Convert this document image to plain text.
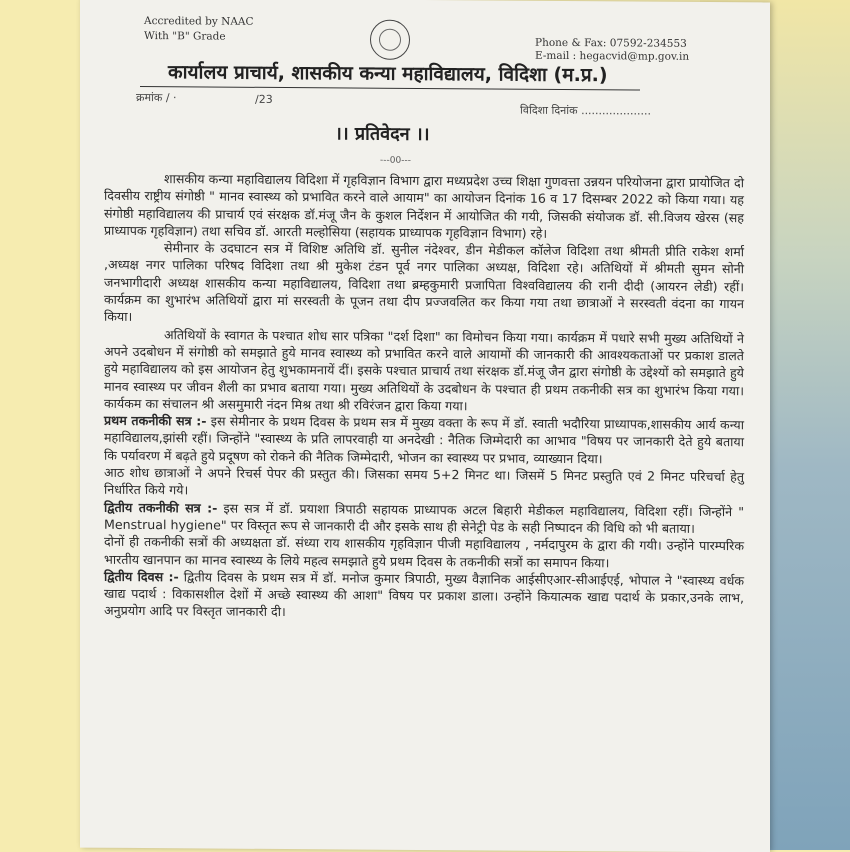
Accredited by NAAC
With "B" Grade
Phone & Fax: 07592-234553
E-mail : hegacvid@mp.gov.in
कार्यालय प्राचार्य, शासकीय कन्या महाविद्यालय, विदिशा (म.प्र.)
क्रमांक / ·	/23
विदिशा दिनांक ....................
।। प्रतिवेदन ।।
---00---

शासकीय कन्या महाविद्यालय विदिशा में गृहविज्ञान विभाग द्वारा मध्यप्रदेश उच्च शिक्षा गुणवत्ता उन्नयन परियोजना द्वारा प्रायोजित दो दिवसीय राष्ट्रीय संगोष्ठी " मानव स्वास्थ्य को प्रभावित करने वाले आयाम" का आयोजन दिनांक 16 व 17 दिसम्बर 2022 को किया गया। यह संगोष्ठी महाविद्यालय की प्राचार्य एवं संरक्षक डॉ.मंजू जैन के कुशल निर्देशन में आयोजित की गयी, जिसकी संयोजक डॉ. सी.विजय खेरस (सह प्राध्यापक गृहविज्ञान) तथा सचिव डॉ. आरती मल्होसिया (सहायक प्राध्यापक गृहविज्ञान विभाग) रहे।

सेमीनार के उदघाटन सत्र में विशिष्ट अतिथि डॉ. सुनील नंदेश्वर, डीन मेडीकल कॉलेज विदिशा तथा श्रीमती प्रीति राकेश शर्मा ,अध्यक्ष नगर पालिका परिषद विदिशा तथा श्री मुकेश टंडन पूर्व नगर पालिका अध्यक्ष, विदिशा रहे। अतिथियों में श्रीमती सुमन सोनी जनभागीदारी अध्यक्ष शासकीय कन्या महाविद्यालय, विदिशा तथा ब्रम्हकुमारी प्रजापिता विश्वविद्यालय की रानी दीदी (आयरन लेडी) रहीं। कार्यक्रम का शुभारंभ अतिथियों द्वारा मां सरस्वती के पूजन तथा दीप प्रज्जवलित कर किया गया तथा छात्राओं ने सरस्वती वंदना का गायन किया।

अतिथियों के स्वागत के पश्चात शोध सार पत्रिका "दर्श दिशा" का विमोचन किया गया। कार्यक्रम में पधारे सभी मुख्य अतिथियों ने अपने उदबोधन में संगोष्ठी को समझाते हुये मानव स्वास्थ्य को प्रभावित करने वाले आयामों की जानकारी की आवश्यकताओं पर प्रकाश डालते हुये महाविद्यालय को इस आयोजन हेतु शुभकामनायें दीं। इसके पश्चात प्राचार्य तथा संरक्षक डॉ.मंजू जैन द्वारा संगोष्ठी के उद्देश्यों को समझाते हुये मानव स्वास्थ्य पर जीवन शैली का प्रभाव बताया गया। मुख्य अतिथियों के उदबोधन के पश्चात ही प्रथम तकनीकी सत्र का शुभारंभ किया गया। कार्यकम का संचालन श्री असमुमारी नंदन मिश्र तथा श्री रविरंजन द्वारा किया गया।

प्रथम तकनीकी सत्र :- इस सेमीनार के प्रथम दिवस के प्रथम सत्र में मुख्य वक्ता के रूप में डॉ. स्वाती भदौरिया प्राध्यापक,शासकीय आर्य कन्या महाविद्यालय,झांसी रहीं। जिन्होंने "स्वास्थ्य के प्रति लापरवाही या अनदेखी : नैतिक जिम्मेदारी का आभाव "विषय पर जानकारी देते हुये बताया कि पर्यावरण में बढ़ते हुये प्रदूषण को रोकने की नैतिक जिम्मेदारी, भोजन का स्वास्थ्य पर प्रभाव, व्याख्यान दिया।

आठ शोध छात्राओं ने अपने रिचर्स पेपर की प्रस्तुत की। जिसका समय 5+2 मिनट था। जिसमें 5 मिनट प्रस्तुति एवं 2 मिनट परिचर्चा हेतु निर्धारित किये गये।

द्वितीय तकनीकी सत्र :- इस सत्र में डॉ. प्रयाशा त्रिपाठी सहायक प्राध्यापक अटल बिहारी मेडीकल महाविद्यालय, विदिशा रहीं। जिन्होंने " Menstrual hygiene" पर विस्तृत रूप से जानकारी दी और इसके साथ ही सेनेट्री पेड के सही निष्पादन की विधि को भी बताया।

दोनों ही तकनीकी सत्रों की अध्यक्षता डॉ. संध्या राय शासकीय गृहविज्ञान पीजी महाविद्यालय , नर्मदापुरम के द्वारा की गयी। उन्होंने पारम्परिक भारतीय खानपान का मानव स्वास्थ्य के लिये महत्व समझाते हुये प्रथम दिवस के तकनीकी सत्रों का समापन किया।

द्वितीय दिवस :- द्वितीय दिवस के प्रथम सत्र में डॉ. मनोज कुमार त्रिपाठी, मुख्य वैज्ञानिक आईसीएआर-सीआईएई, भोपाल ने "स्वास्थ्य वर्धक खाद्य पदार्थ : विकासशील देशों में अच्छे स्वास्थ्य की आशा" विषय पर प्रकाश डाला। उन्होंने कियात्मक खाद्य पदार्थ के प्रकार,उनके लाभ, अनुप्रयोग आदि पर विस्तृत जानकारी दी।
